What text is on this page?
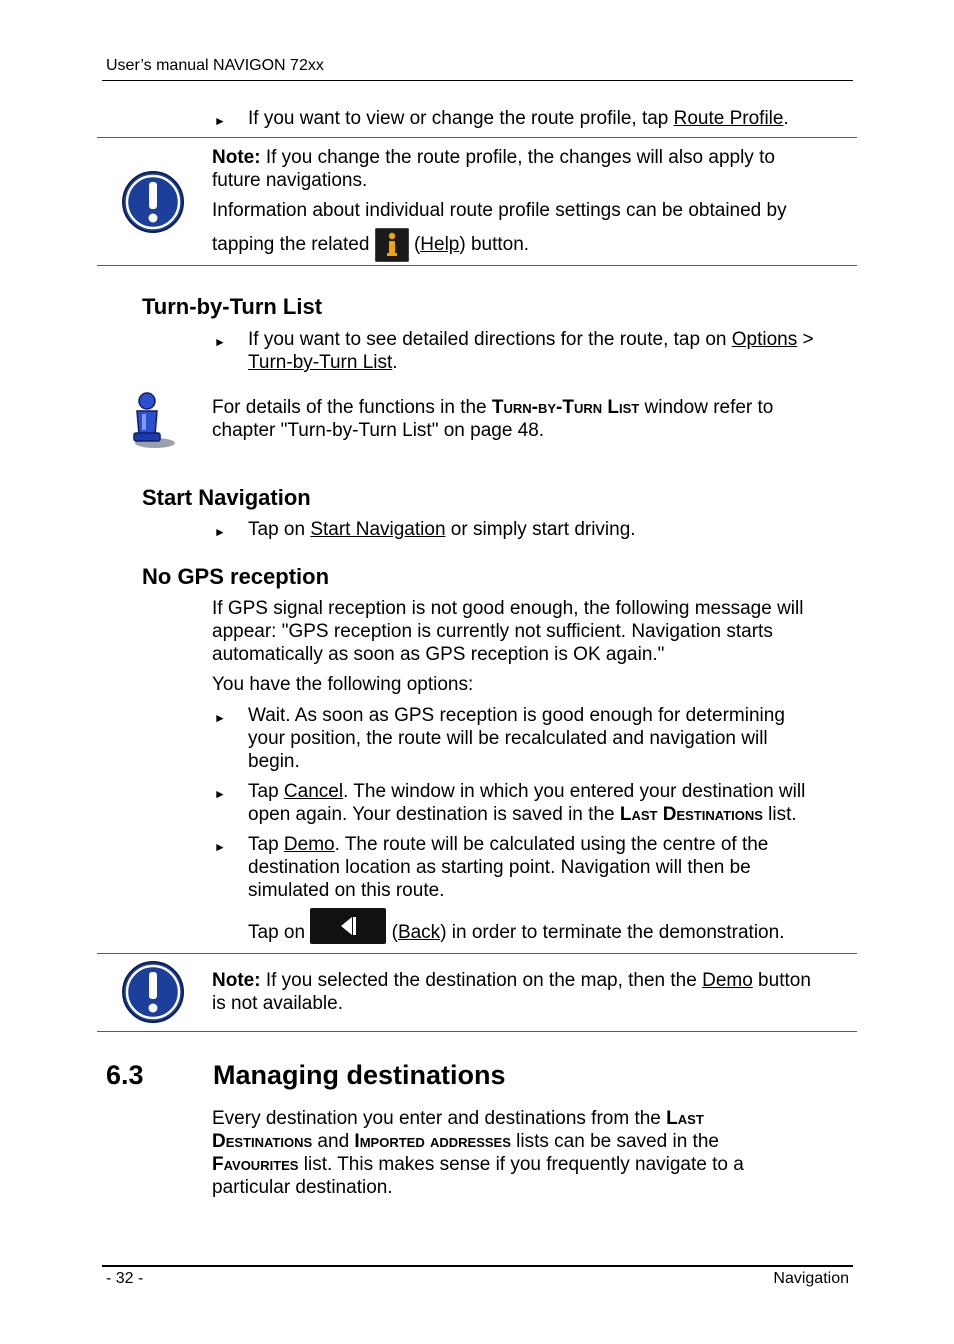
User’s manual NAVIGON 72xx
► If you want to view or change the route profile, tap Route Profile.
Note: If you change the route profile, the changes will also apply to
future navigations.
Information about individual route profile settings can be obtained by
tapping the related  (Help) button.
Turn-by-Turn List
► If you want to see detailed directions for the route, tap on Options >
Turn-by-Turn List.
For details of the functions in the Turn-by-Turn List window refer to
chapter "Turn-by-Turn List" on page 48.
Start Navigation
► Tap on Start Navigation or simply start driving.
No GPS reception
If GPS signal reception is not good enough, the following message will
appear: "GPS reception is currently not sufficient. Navigation starts
automatically as soon as GPS reception is OK again."
You have the following options:
► Wait. As soon as GPS reception is good enough for determining
your position, the route will be recalculated and navigation will
begin.
► Tap Cancel. The window in which you entered your destination will
open again. Your destination is saved in the Last Destinations list.
► Tap Demo. The route will be calculated using the centre of the
destination location as starting point. Navigation will then be
simulated on this route.
Tap on	(Back) in order to terminate the demonstration.
Note: If you selected the destination on the map, then the Demo button
is not available.
6.3	Managing destinations
Every destination you enter and destinations from the Last
Destinations and Imported addresses lists can be saved in the
Favourites list. This makes sense if you frequently navigate to a
particular destination.
- 32 -	Navigation
